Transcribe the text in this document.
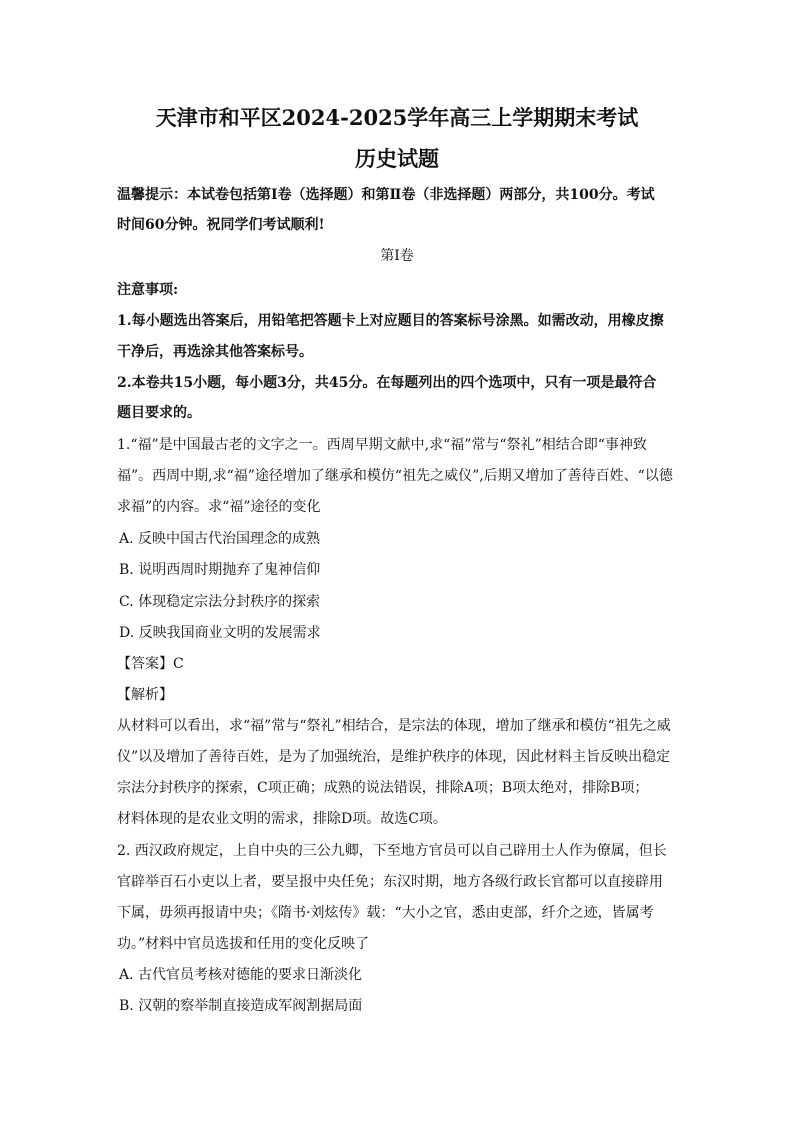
天津市和平区2024-2025学年高三上学期期末考试
历史试题
温馨提示：本试卷包括第Ⅰ卷（选择题）和第Ⅱ卷（非选择题）两部分，共100分。考试
时间60分钟。祝同学们考试顺利!
第Ⅰ卷
注意事项:
1.每小题选出答案后，用铅笔把答题卡上对应题目的答案标号涂黑。如需改动，用橡皮擦
干净后，再选涂其他答案标号。
2.本卷共15小题，每小题3分，共45分。在每题列出的四个选项中，只有一项是最符合
题目要求的。
1.“福”是中国最古老的文字之一。西周早期文献中,求“福”常与“祭礼”相结合即“事神致
福”。西周中期,求“福”途径增加了继承和模仿“祖先之威仪”,后期又增加了善待百姓、“以德
求福”的内容。求“福”途径的变化
A. 反映中国古代治国理念的成熟
B. 说明西周时期抛弃了鬼神信仰
C. 体现稳定宗法分封秩序的探索
D. 反映我国商业文明的发展需求
【答案】C
【解析】
从材料可以看出，求“福”常与“祭礼”相结合，是宗法的体现，增加了继承和模仿“祖先之威
仪”以及增加了善待百姓，是为了加强统治，是维护秩序的体现，因此材料主旨反映出稳定
宗法分封秩序的探索，C项正确；成熟的说法错误，排除A项；B项太绝对，排除B项；
材料体现的是农业文明的需求，排除D项。故选C项。
2. 西汉政府规定，上自中央的三公九卿，下至地方官员可以自己辟用士人作为僚属，但长
官辟举百石小吏以上者，要呈报中央任免；东汉时期，地方各级行政长官都可以直接辟用
下属，毋须再报请中央；《隋书·刘炫传》载：“大小之官，悉由吏部，纤介之迹，皆属考
功。”材料中官员选拔和任用的变化反映了
A. 古代官员考核对德能的要求日渐淡化
B. 汉朝的察举制直接造成军阀割据局面
